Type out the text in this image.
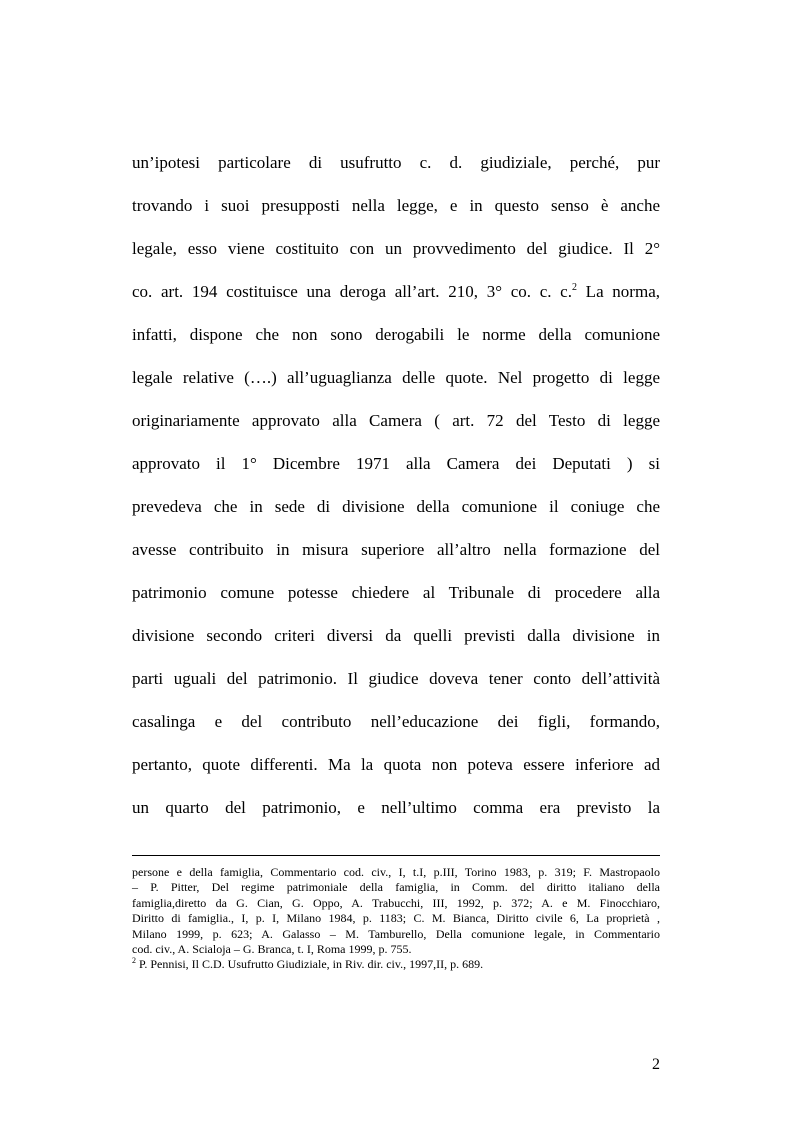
un’ipotesi particolare di usufrutto c. d. giudiziale, perché, pur
trovando i suoi presupposti nella legge, e in questo senso è anche
legale, esso viene costituito con un provvedimento del giudice. Il 2°
co. art. 194 costituisce una deroga all’art. 210, 3° co. c. c.$^2$ La norma,
infatti, dispone che non sono derogabili le norme della comunione
legale relative (….) all’uguaglianza delle quote. Nel progetto di legge
originariamente approvato alla Camera ( art. 72 del Testo di legge
approvato il 1° Dicembre 1971 alla Camera dei Deputati ) si
prevedeva che in sede di divisione della comunione il coniuge che
avesse contribuito in misura superiore all’altro nella formazione del
patrimonio comune potesse chiedere al Tribunale di procedere alla
divisione secondo criteri diversi da quelli previsti dalla divisione in
parti uguali del patrimonio. Il giudice doveva tener conto dell’attività
casalinga e del contributo nell’educazione dei figli, formando,
pertanto, quote differenti. Ma la quota non poteva essere inferiore ad
un quarto del patrimonio, e nell’ultimo comma era previsto la
persone e della famiglia, Commentario cod. civ., I, t.I, p.III, Torino 1983, p. 319; F. Mastropaolo
– P. Pitter, Del regime patrimoniale della famiglia, in Comm. del diritto italiano della
famiglia,diretto da G. Cian, G. Oppo, A. Trabucchi, III, 1992, p. 372; A. e M. Finocchiaro,
Diritto di famiglia., I, p. I, Milano 1984, p. 1183; C. M. Bianca, Diritto civile 6, La proprietà ,
Milano 1999, p. 623; A. Galasso – M. Tamburello, Della comunione legale, in Commentario
cod. civ., A. Scialoja – G. Branca, t. I, Roma 1999, p. 755.
$^2$ P. Pennisi, Il C.D. Usufrutto Giudiziale, in Riv. dir. civ., 1997,II, p. 689.
2
